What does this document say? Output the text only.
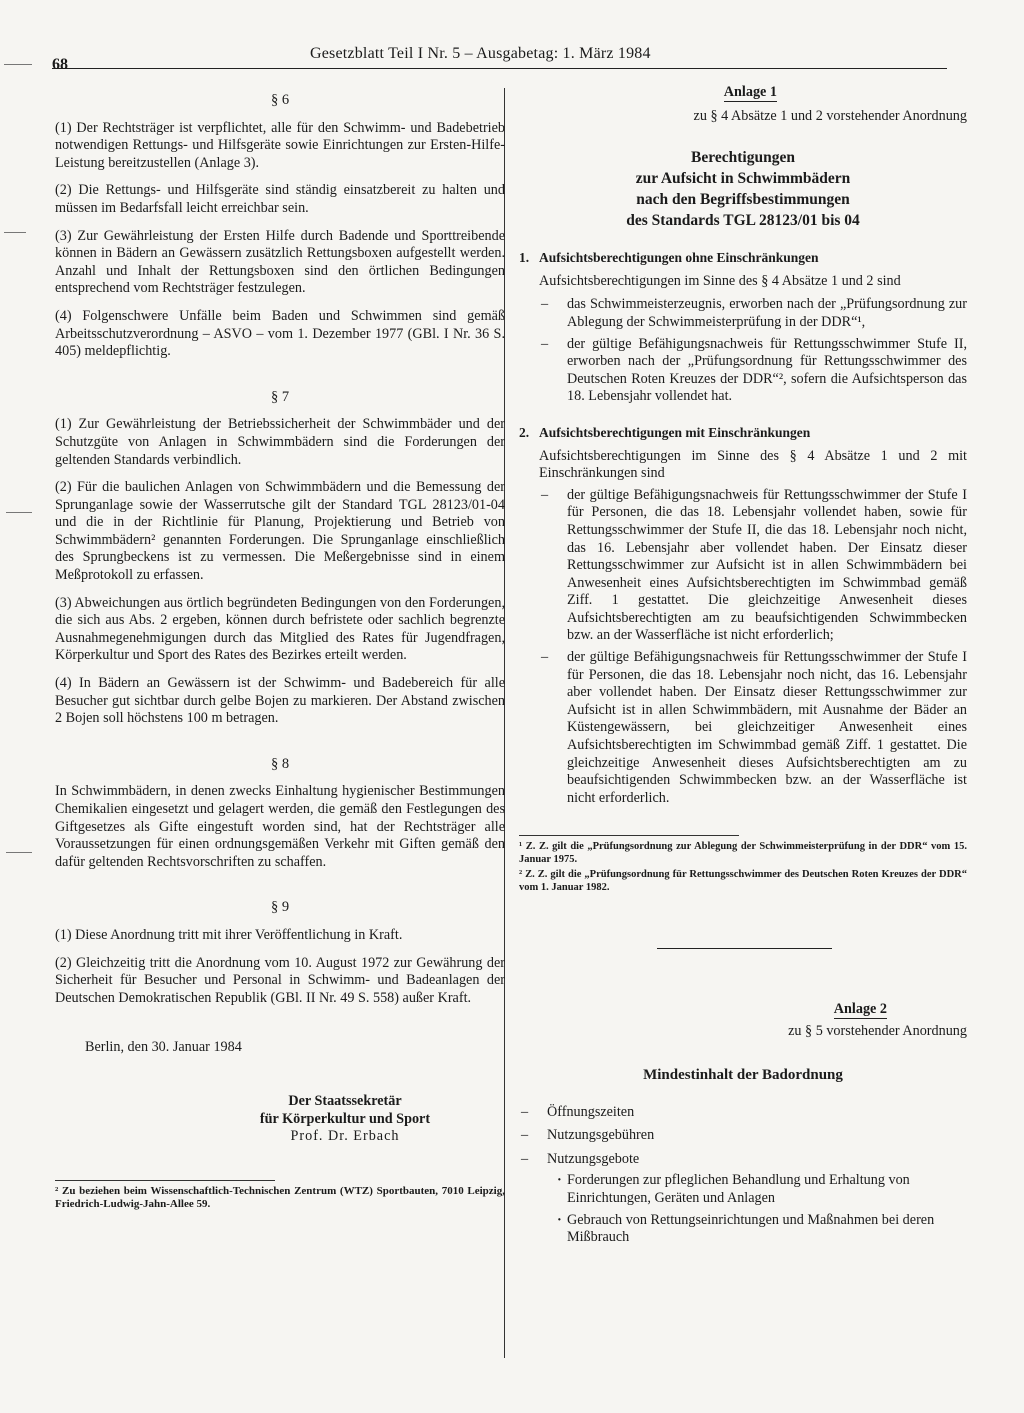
68
Gesetzblatt Teil I Nr. 5 – Ausgabetag: 1. März 1984
§ 6

(1) Der Rechtsträger ist verpflichtet, alle für den Schwimm- und Badebetrieb notwendigen Rettungs- und Hilfsgeräte sowie Einrichtungen zur Ersten-Hilfe-Leistung bereitzustellen (Anlage 3).

(2) Die Rettungs- und Hilfsgeräte sind ständig einsatzbereit zu halten und müssen im Bedarfsfall leicht erreichbar sein.

(3) Zur Gewährleistung der Ersten Hilfe durch Badende und Sporttreibende können in Bädern an Gewässern zusätzlich Rettungsboxen aufgestellt werden. Anzahl und Inhalt der Rettungsboxen sind den örtlichen Bedingungen entsprechend vom Rechtsträger festzulegen.

(4) Folgenschwere Unfälle beim Baden und Schwimmen sind gemäß Arbeitsschutzverordnung – ASVO – vom 1. Dezember 1977 (GBl. I Nr. 36 S. 405) meldepflichtig.

§ 7

(1) Zur Gewährleistung der Betriebssicherheit der Schwimmbäder und der Schutzgüte von Anlagen in Schwimmbädern sind die Forderungen der geltenden Standards verbindlich.

(2) Für die baulichen Anlagen von Schwimmbädern und die Bemessung der Sprunganlage sowie der Wasserrutsche gilt der Standard TGL 28123/01-04 und die in der Richtlinie für Planung, Projektierung und Betrieb von Schwimmbädern² genannten Forderungen. Die Sprunganlage einschließlich des Sprungbeckens ist zu vermessen. Die Meßergebnisse sind in einem Meßprotokoll zu erfassen.

(3) Abweichungen aus örtlich begründeten Bedingungen von den Forderungen, die sich aus Abs. 2 ergeben, können durch befristete oder sachlich begrenzte Ausnahmegenehmigungen durch das Mitglied des Rates für Jugendfragen, Körperkultur und Sport des Rates des Bezirkes erteilt werden.

(4) In Bädern an Gewässern ist der Schwimm- und Badebereich für alle Besucher gut sichtbar durch gelbe Bojen zu markieren. Der Abstand zwischen 2 Bojen soll höchstens 100 m betragen.

§ 8

In Schwimmbädern, in denen zwecks Einhaltung hygienischer Bestimmungen Chemikalien eingesetzt und gelagert werden, die gemäß den Festlegungen des Giftgesetzes als Gifte eingestuft worden sind, hat der Rechtsträger alle Voraussetzungen für einen ordnungsgemäßen Verkehr mit Giften gemäß den dafür geltenden Rechtsvorschriften zu schaffen.

§ 9

(1) Diese Anordnung tritt mit ihrer Veröffentlichung in Kraft.

(2) Gleichzeitig tritt die Anordnung vom 10. August 1972 zur Gewährung der Sicherheit für Besucher und Personal in Schwimm- und Badeanlagen der Deutschen Demokratischen Republik (GBl. II Nr. 49 S. 558) außer Kraft.

Berlin, den 30. Januar 1984

Der Staatssekretär
für Körperkultur und Sport
Prof. Dr. Erbach

² Zu beziehen beim Wissenschaftlich-Technischen Zentrum (WTZ) Sportbauten, 7010 Leipzig, Friedrich-Ludwig-Jahn-Allee 59.

Anlage 1
zu § 4 Absätze 1 und 2 vorstehender Anordnung
Berechtigungen
zur Aufsicht in Schwimmbädern
nach den Begriffsbestimmungen
des Standards TGL 28123/01 bis 04
1. Aufsichtsberechtigungen ohne Einschränkungen

Aufsichtsberechtigungen im Sinne des § 4 Absätze 1 und 2 sind

– das Schwimmeisterzeugnis, erworben nach der „Prüfungsordnung zur Ablegung der Schwimmeisterprüfung in der DDR“¹,

– der gültige Befähigungsnachweis für Rettungsschwimmer Stufe II, erworben nach der „Prüfungsordnung für Rettungsschwimmer des Deutschen Roten Kreuzes der DDR“², sofern die Aufsichtsperson das 18. Lebensjahr vollendet hat.

2. Aufsichtsberechtigungen mit Einschränkungen

Aufsichtsberechtigungen im Sinne des § 4 Absätze 1 und 2 mit Einschränkungen sind

– der gültige Befähigungsnachweis für Rettungsschwimmer der Stufe I für Personen, die das 18. Lebensjahr vollendet haben, sowie für Rettungsschwimmer der Stufe II, die das 18. Lebensjahr noch nicht, das 16. Lebensjahr aber vollendet haben. Der Einsatz dieser Rettungsschwimmer zur Aufsicht ist in allen Schwimmbädern bei Anwesenheit eines Aufsichtsberechtigten im Schwimmbad gemäß Ziff. 1 gestattet. Die gleichzeitige Anwesenheit dieses Aufsichtsberechtigten am zu beaufsichtigenden Schwimmbecken bzw. an der Wasserfläche ist nicht erforderlich;

– der gültige Befähigungsnachweis für Rettungsschwimmer der Stufe I für Personen, die das 18. Lebensjahr noch nicht, das 16. Lebensjahr aber vollendet haben. Der Einsatz dieser Rettungsschwimmer zur Aufsicht ist in allen Schwimmbädern, mit Ausnahme der Bäder an Küstengewässern, bei gleichzeitiger Anwesenheit eines Aufsichtsberechtigten im Schwimmbad gemäß Ziff. 1 gestattet. Die gleichzeitige Anwesenheit dieses Aufsichtsberechtigten am zu beaufsichtigenden Schwimmbecken bzw. an der Wasserfläche ist nicht erforderlich.

¹ Z. Z. gilt die „Prüfungsordnung zur Ablegung der Schwimmeisterprüfung in der DDR“ vom 15. Januar 1975.

² Z. Z. gilt die „Prüfungsordnung für Rettungsschwimmer des Deutschen Roten Kreuzes der DDR“ vom 1. Januar 1982.

Anlage 2
zu § 5 vorstehender Anordnung
Mindestinhalt der Badordnung
– Öffnungszeiten
– Nutzungsgebühren
– Nutzungsgebote
· Forderungen zur pfleglichen Behandlung und Erhaltung von Einrichtungen, Geräten und Anlagen
· Gebrauch von Rettungseinrichtungen und Maßnahmen bei deren Mißbrauch
